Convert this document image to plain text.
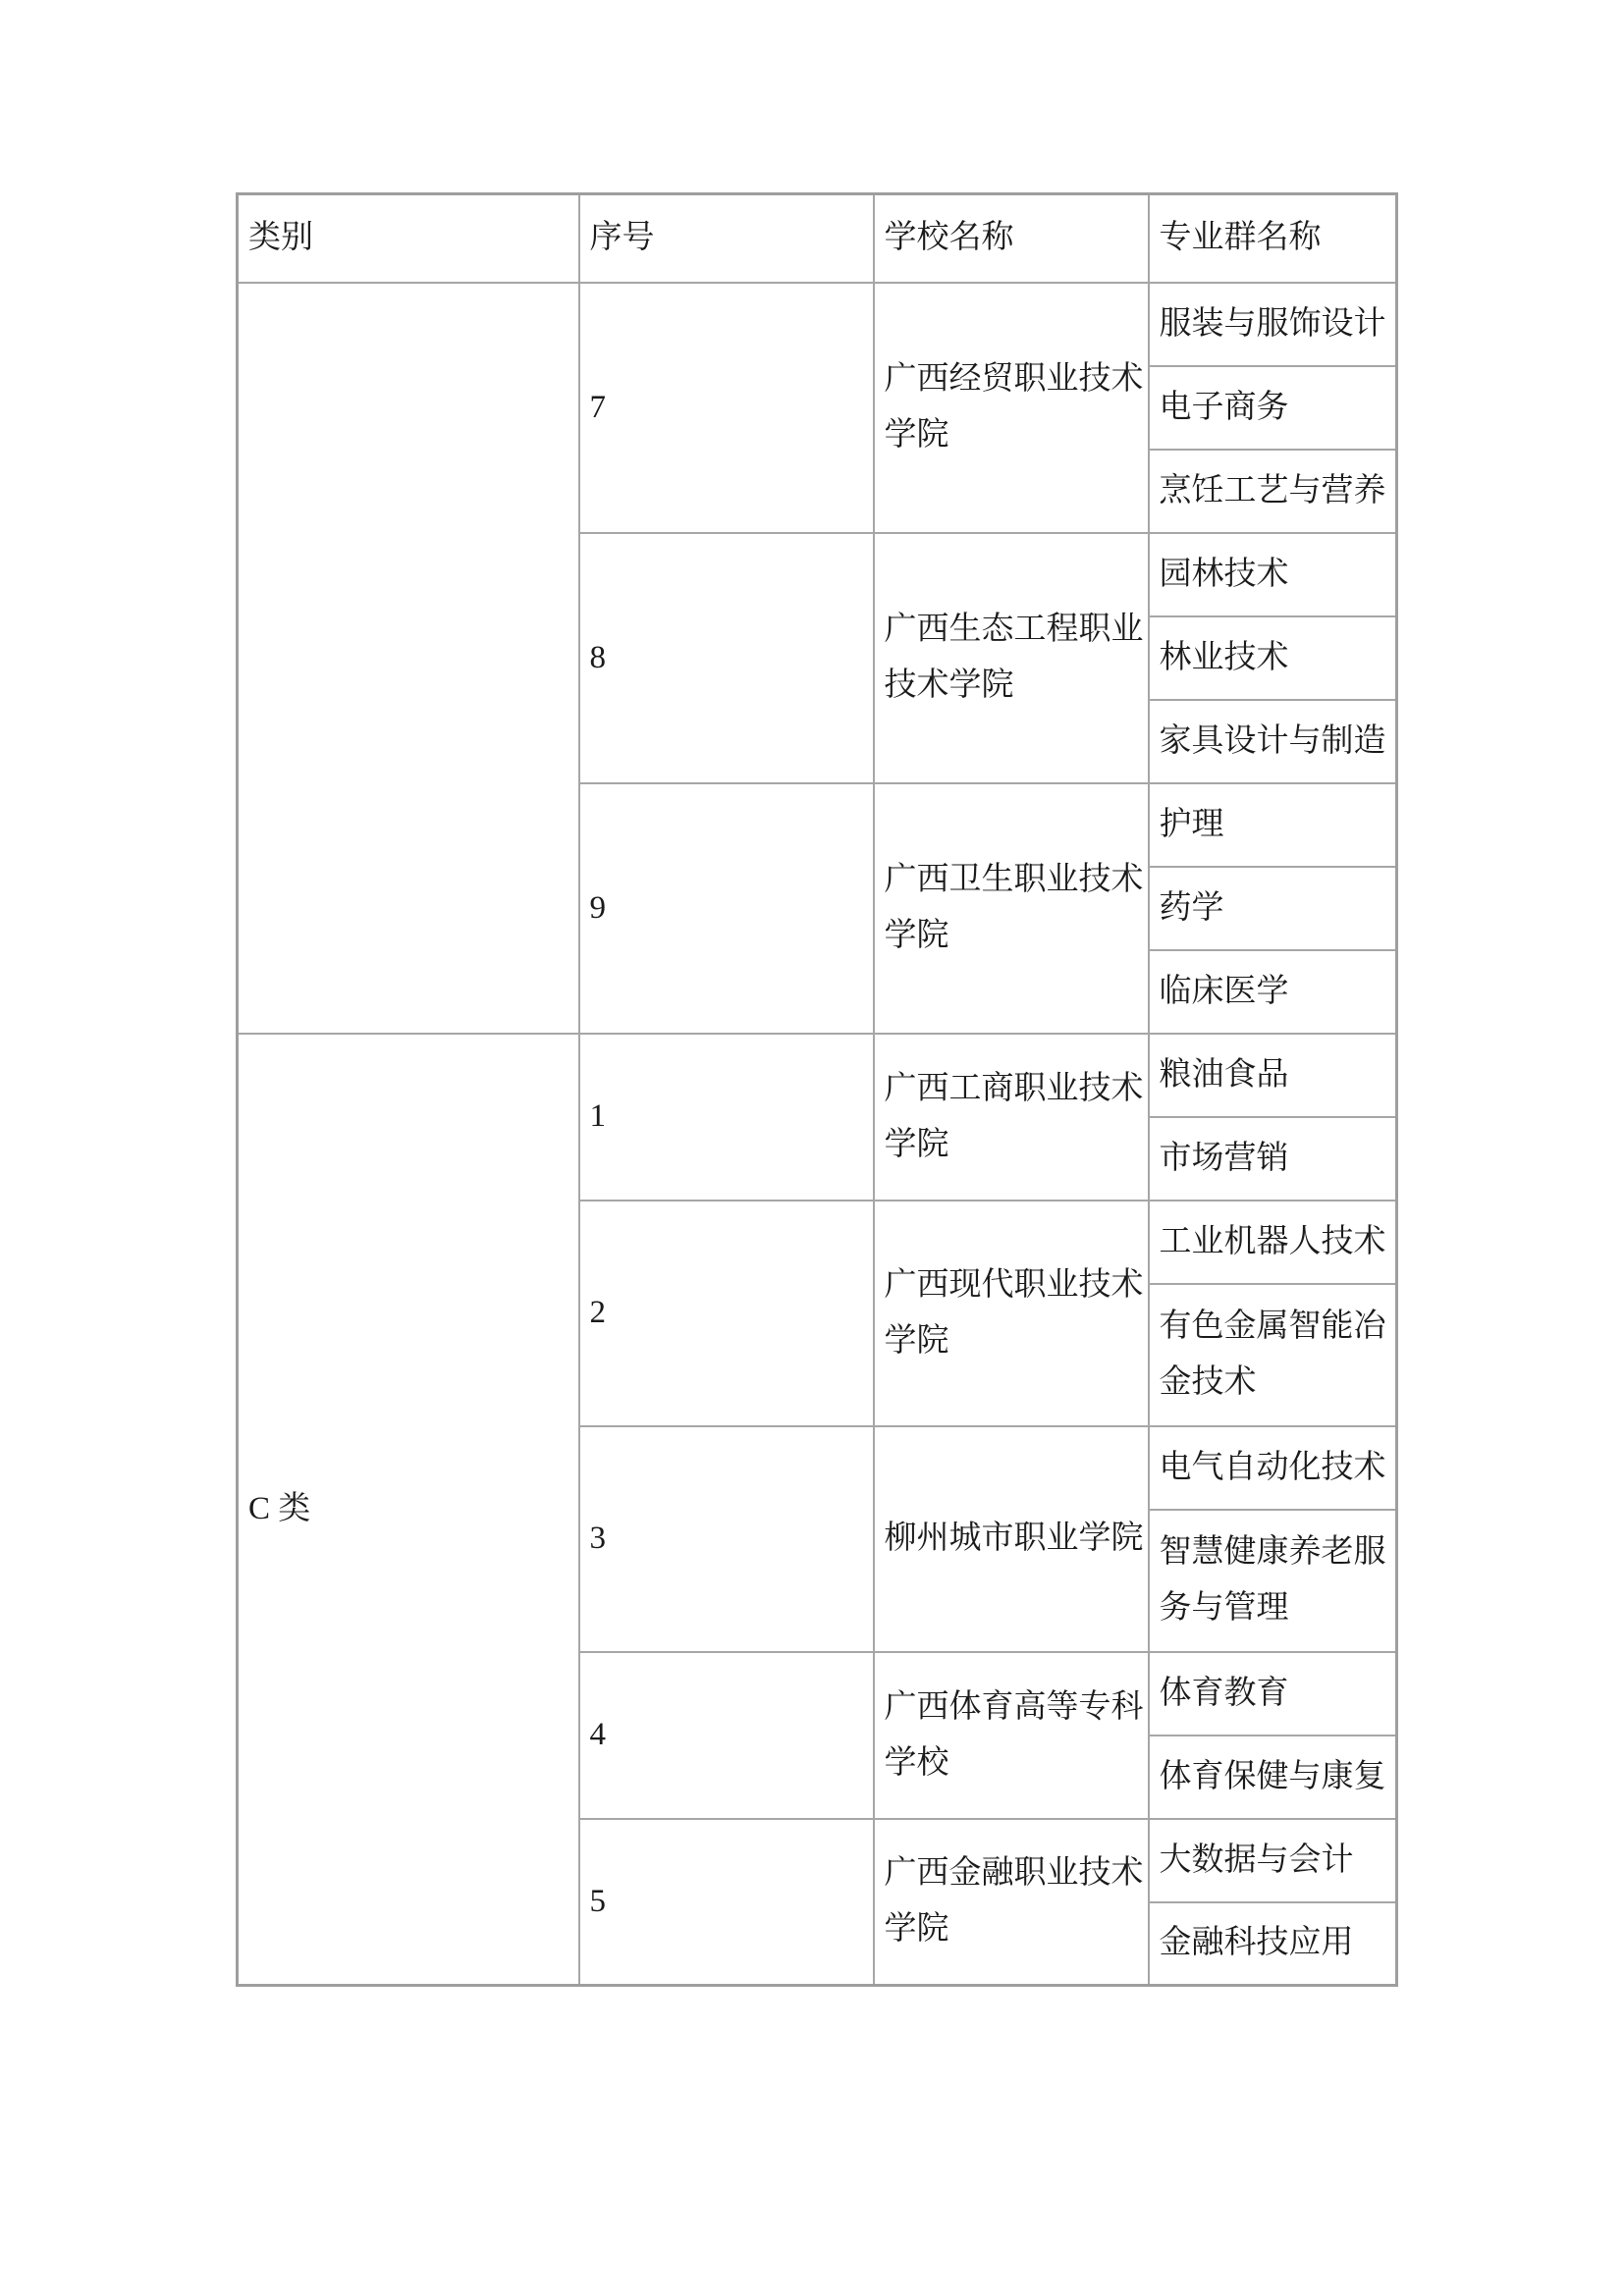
类别	序号	学校名称	专业群名称
	7	广西经贸职业技术学院	服装与服饰设计
			电子商务
			烹饪工艺与营养
	8	广西生态工程职业技术学院	园林技术
			林业技术
			家具设计与制造
	9	广西卫生职业技术学院	护理
			药学
			临床医学
C 类	1	广西工商职业技术学院	粮油食品
			市场营销
	2	广西现代职业技术学院	工业机器人技术
			有色金属智能冶金技术
	3	柳州城市职业学院	电气自动化技术
			智慧健康养老服务与管理
	4	广西体育高等专科学校	体育教育
			体育保健与康复
	5	广西金融职业技术学院	大数据与会计
			金融科技应用
